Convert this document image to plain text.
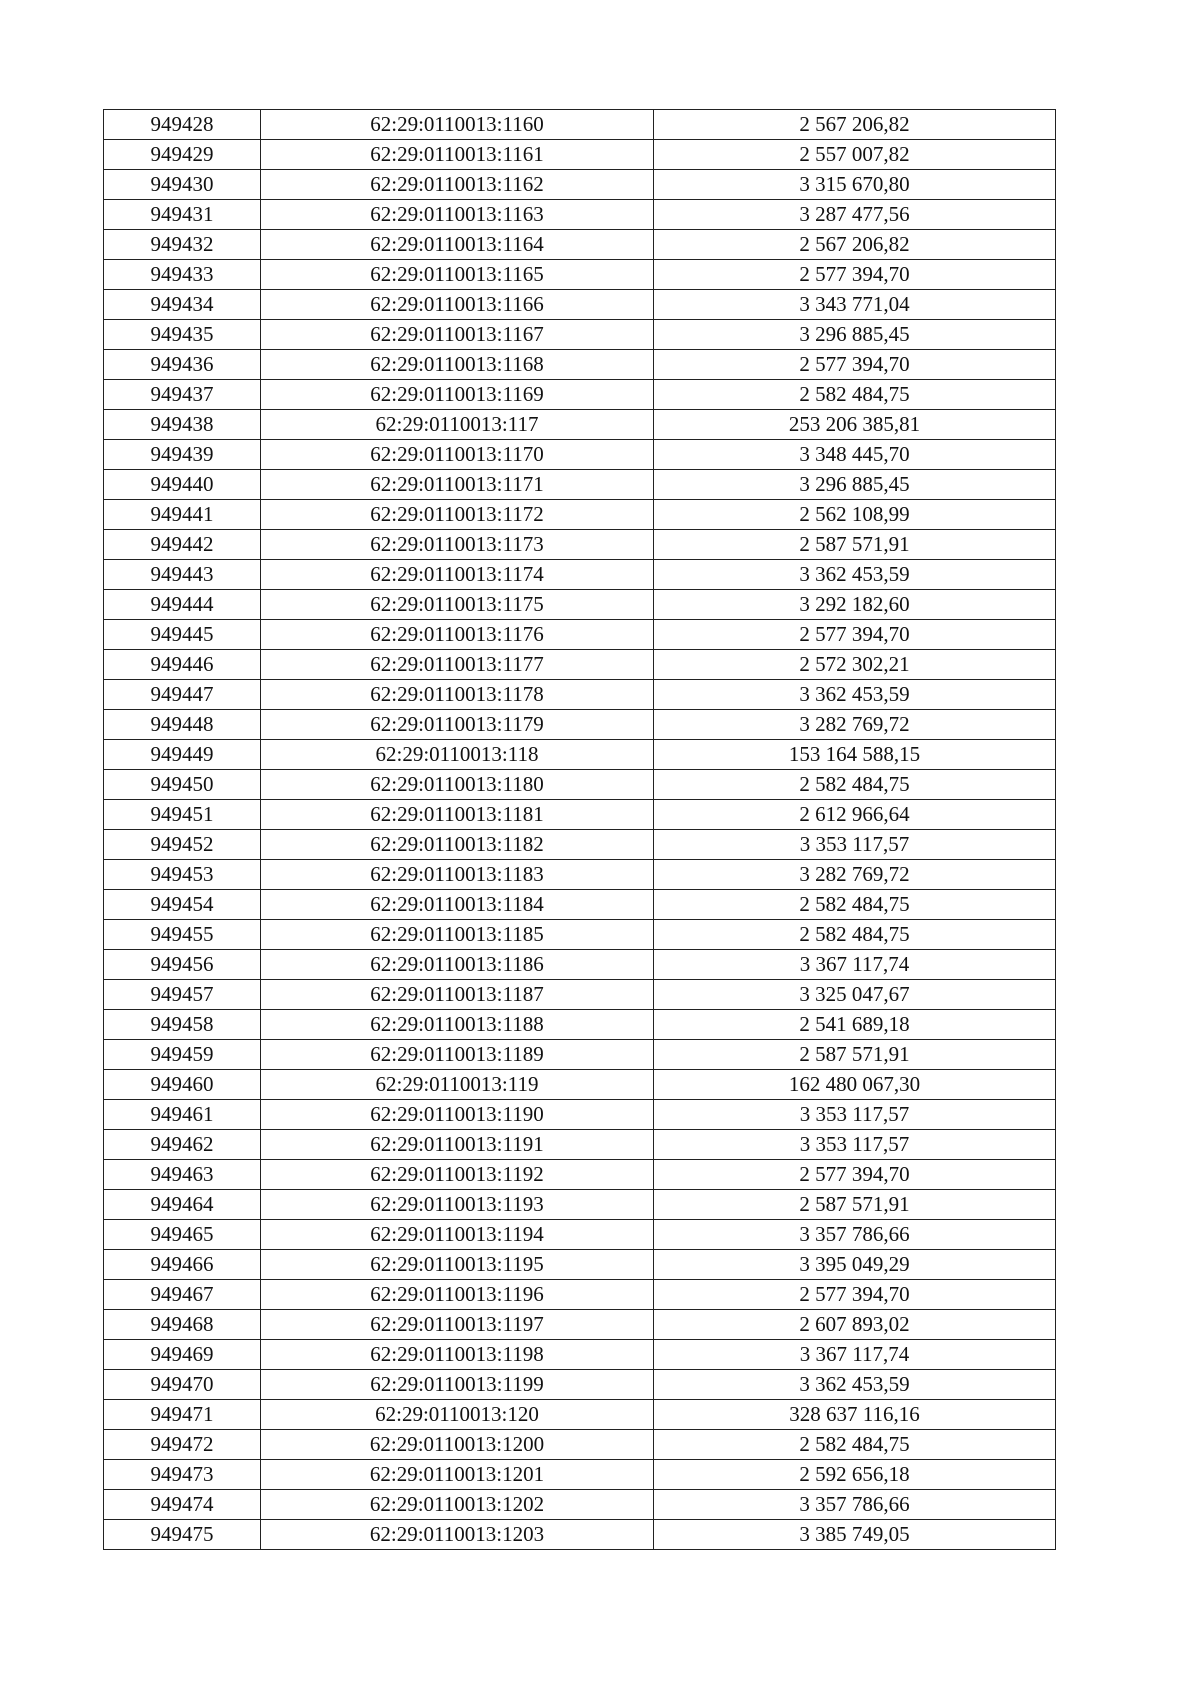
949428	62:29:0110013:1160	2 567 206,82
949429	62:29:0110013:1161	2 557 007,82
949430	62:29:0110013:1162	3 315 670,80
949431	62:29:0110013:1163	3 287 477,56
949432	62:29:0110013:1164	2 567 206,82
949433	62:29:0110013:1165	2 577 394,70
949434	62:29:0110013:1166	3 343 771,04
949435	62:29:0110013:1167	3 296 885,45
949436	62:29:0110013:1168	2 577 394,70
949437	62:29:0110013:1169	2 582 484,75
949438	62:29:0110013:117	253 206 385,81
949439	62:29:0110013:1170	3 348 445,70
949440	62:29:0110013:1171	3 296 885,45
949441	62:29:0110013:1172	2 562 108,99
949442	62:29:0110013:1173	2 587 571,91
949443	62:29:0110013:1174	3 362 453,59
949444	62:29:0110013:1175	3 292 182,60
949445	62:29:0110013:1176	2 577 394,70
949446	62:29:0110013:1177	2 572 302,21
949447	62:29:0110013:1178	3 362 453,59
949448	62:29:0110013:1179	3 282 769,72
949449	62:29:0110013:118	153 164 588,15
949450	62:29:0110013:1180	2 582 484,75
949451	62:29:0110013:1181	2 612 966,64
949452	62:29:0110013:1182	3 353 117,57
949453	62:29:0110013:1183	3 282 769,72
949454	62:29:0110013:1184	2 582 484,75
949455	62:29:0110013:1185	2 582 484,75
949456	62:29:0110013:1186	3 367 117,74
949457	62:29:0110013:1187	3 325 047,67
949458	62:29:0110013:1188	2 541 689,18
949459	62:29:0110013:1189	2 587 571,91
949460	62:29:0110013:119	162 480 067,30
949461	62:29:0110013:1190	3 353 117,57
949462	62:29:0110013:1191	3 353 117,57
949463	62:29:0110013:1192	2 577 394,70
949464	62:29:0110013:1193	2 587 571,91
949465	62:29:0110013:1194	3 357 786,66
949466	62:29:0110013:1195	3 395 049,29
949467	62:29:0110013:1196	2 577 394,70
949468	62:29:0110013:1197	2 607 893,02
949469	62:29:0110013:1198	3 367 117,74
949470	62:29:0110013:1199	3 362 453,59
949471	62:29:0110013:120	328 637 116,16
949472	62:29:0110013:1200	2 582 484,75
949473	62:29:0110013:1201	2 592 656,18
949474	62:29:0110013:1202	3 357 786,66
949475	62:29:0110013:1203	3 385 749,05
